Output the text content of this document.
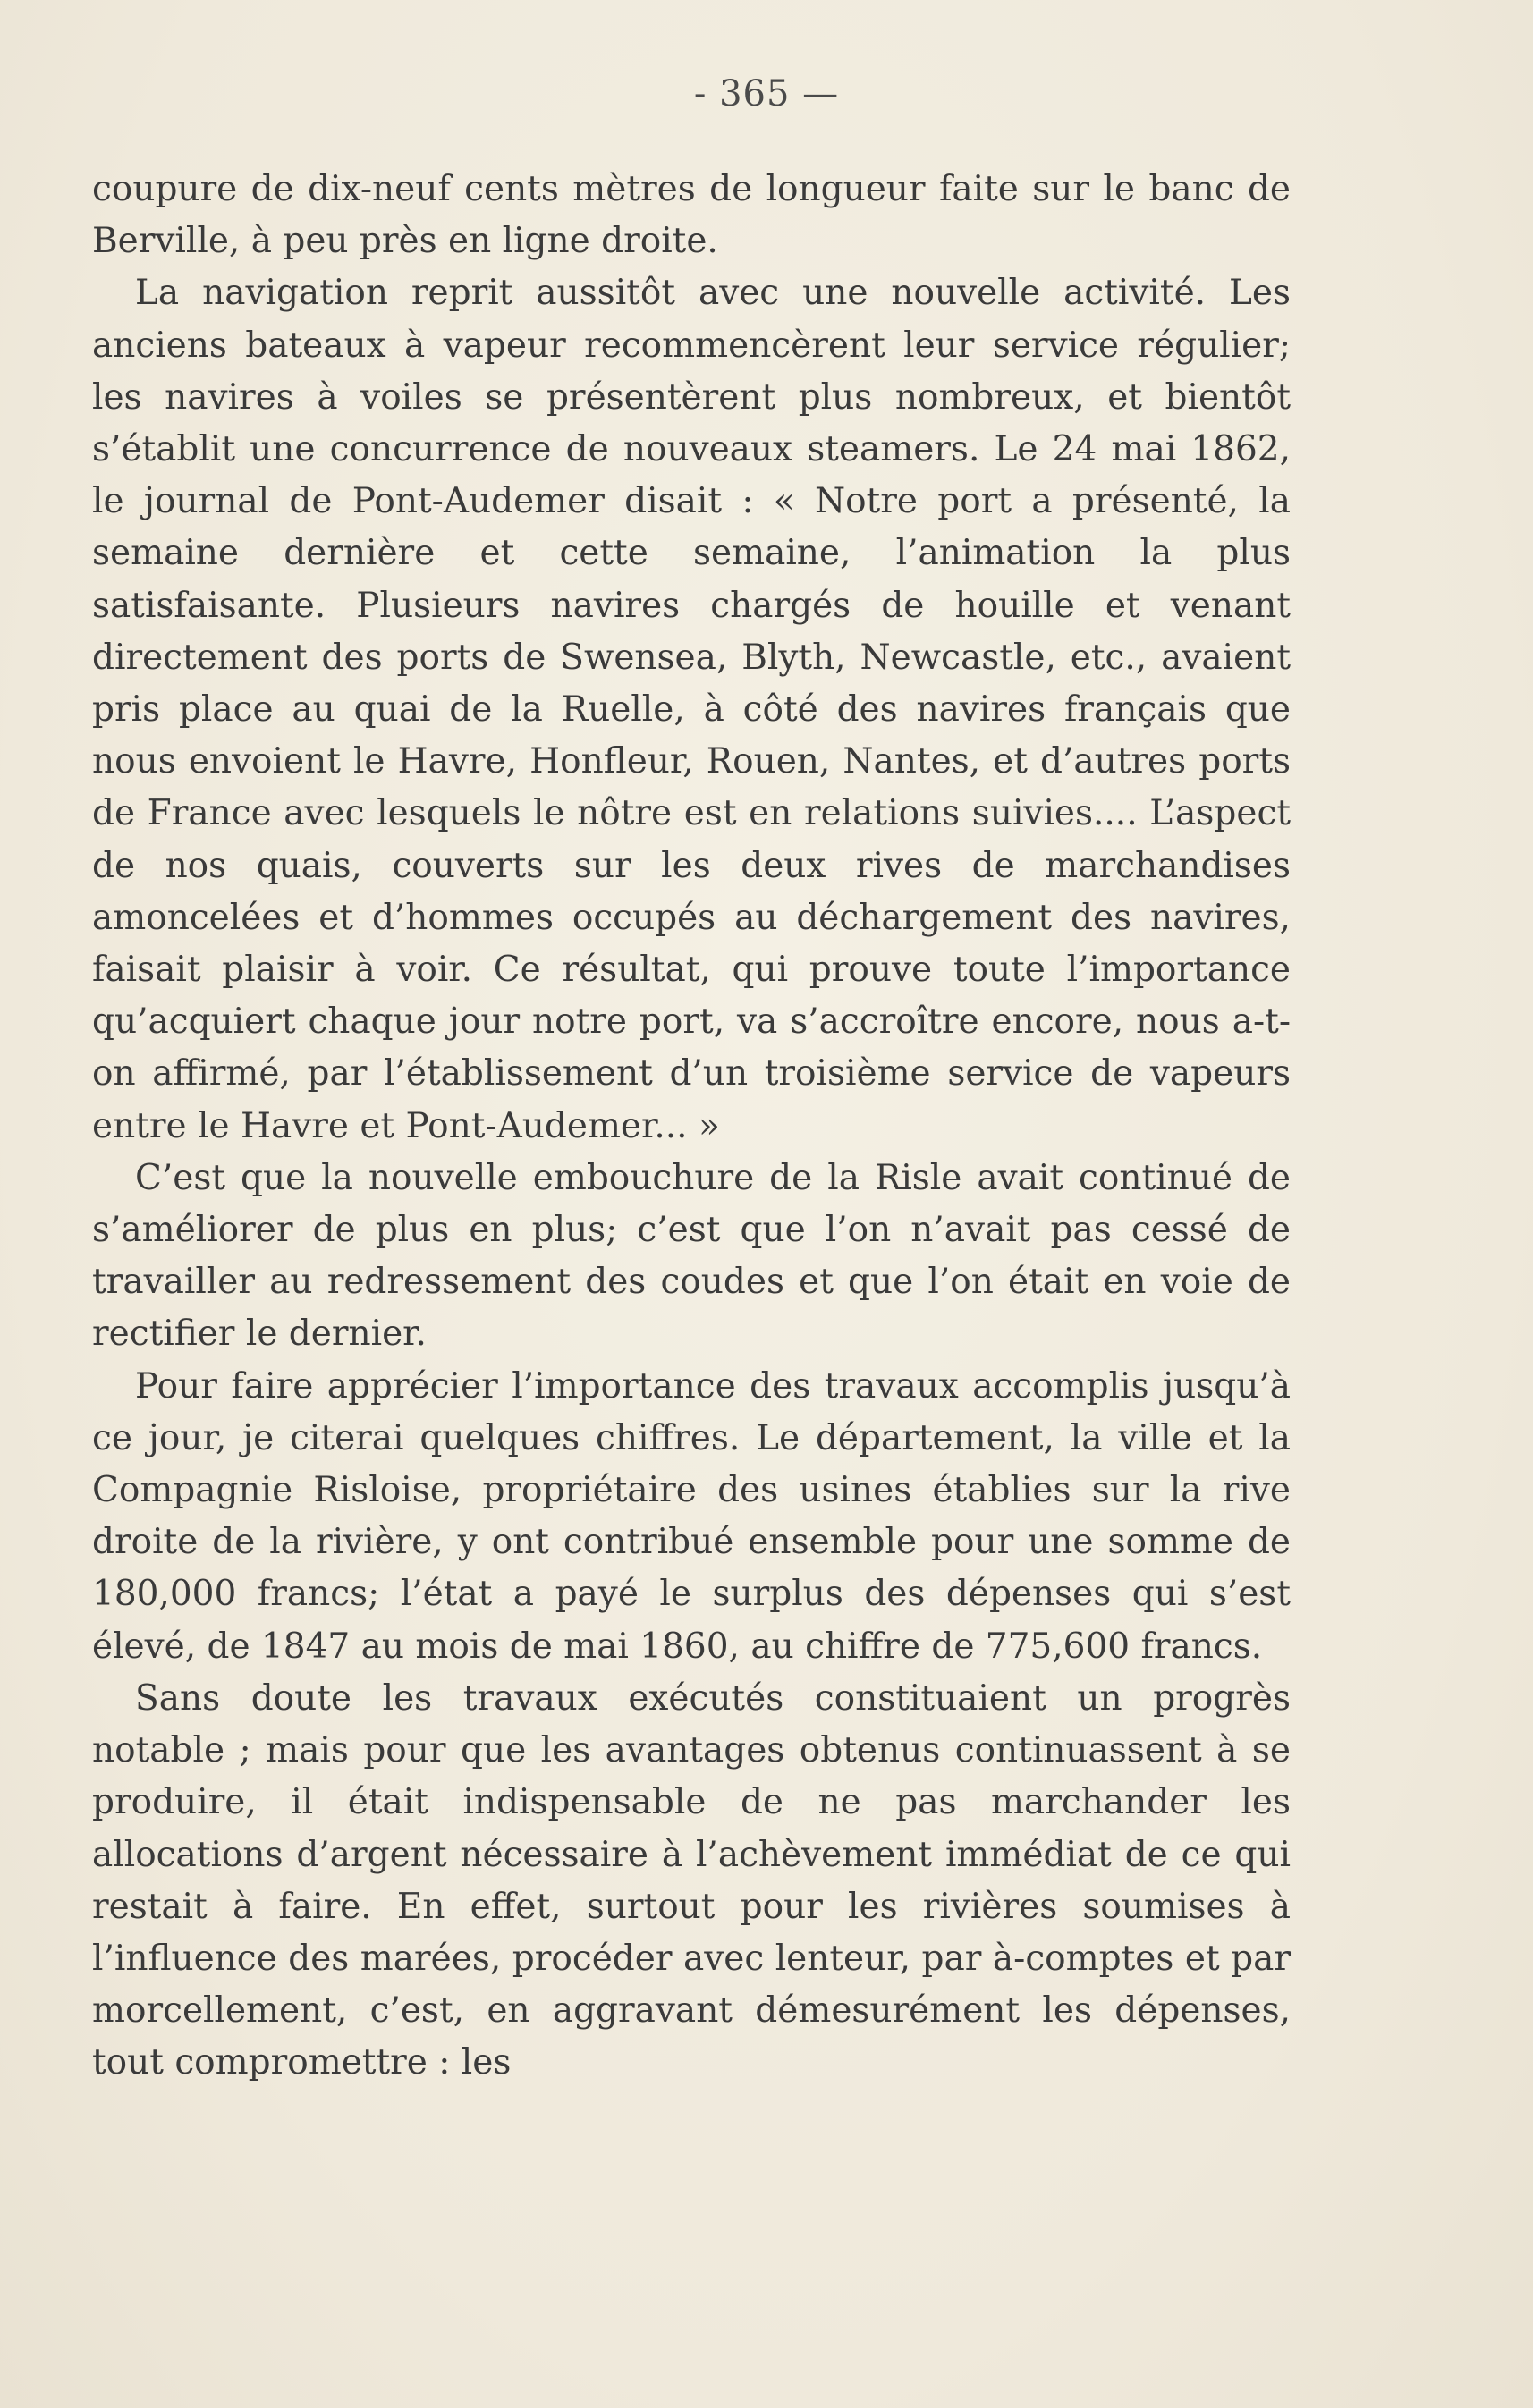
- 365 —

coupure de dix-neuf cents mètres de longueur faite sur le banc de Berville, à peu près en ligne droite.

La navigation reprit aussitôt avec une nouvelle activité. Les anciens bateaux à vapeur recommencèrent leur service régulier; les navires à voiles se présentèrent plus nombreux, et bientôt s’établit une concurrence de nouveaux steamers. Le 24 mai 1862, le journal de Pont-Audemer disait : « Notre port a présenté, la semaine dernière et cette semaine, l’animation la plus satisfaisante. Plusieurs navires chargés de houille et venant directement des ports de Swensea, Blyth, Newcastle, etc., avaient pris place au quai de la Ruelle, à côté des navires français que nous envoient le Havre, Honfleur, Rouen, Nantes, et d’autres ports de France avec lesquels le nôtre est en relations suivies.... L’aspect de nos quais, couverts sur les deux rives de marchandises amoncelées et d’hommes occupés au déchargement des navires, faisait plaisir à voir. Ce résultat, qui prouve toute l’importance qu’acquiert chaque jour notre port, va s’accroître encore, nous a-t-on affirmé, par l’établissement d’un troisième service de vapeurs entre le Havre et Pont-Audemer... »

C’est que la nouvelle embouchure de la Risle avait continué de s’améliorer de plus en plus; c’est que l’on n’avait pas cessé de travailler au redressement des coudes et que l’on était en voie de rectifier le dernier.

Pour faire apprécier l’importance des travaux accomplis jusqu’à ce jour, je citerai quelques chiffres. Le département, la ville et la Compagnie Risloise, propriétaire des usines établies sur la rive droite de la rivière, y ont contribué ensemble pour une somme de 180,000 francs; l’état a payé le surplus des dépenses qui s’est élevé, de 1847 au mois de mai 1860, au chiffre de 775,600 francs.

Sans doute les travaux exécutés constituaient un progrès notable ; mais pour que les avantages obtenus continuassent à se produire, il était indispensable de ne pas marchander les allocations d’argent nécessaire à l’achèvement immédiat de ce qui restait à faire. En effet, surtout pour les rivières soumises à l’influence des marées, procéder avec lenteur, par à-comptes et par morcellement, c’est, en aggravant démesurément les dépenses, tout compromettre : les
